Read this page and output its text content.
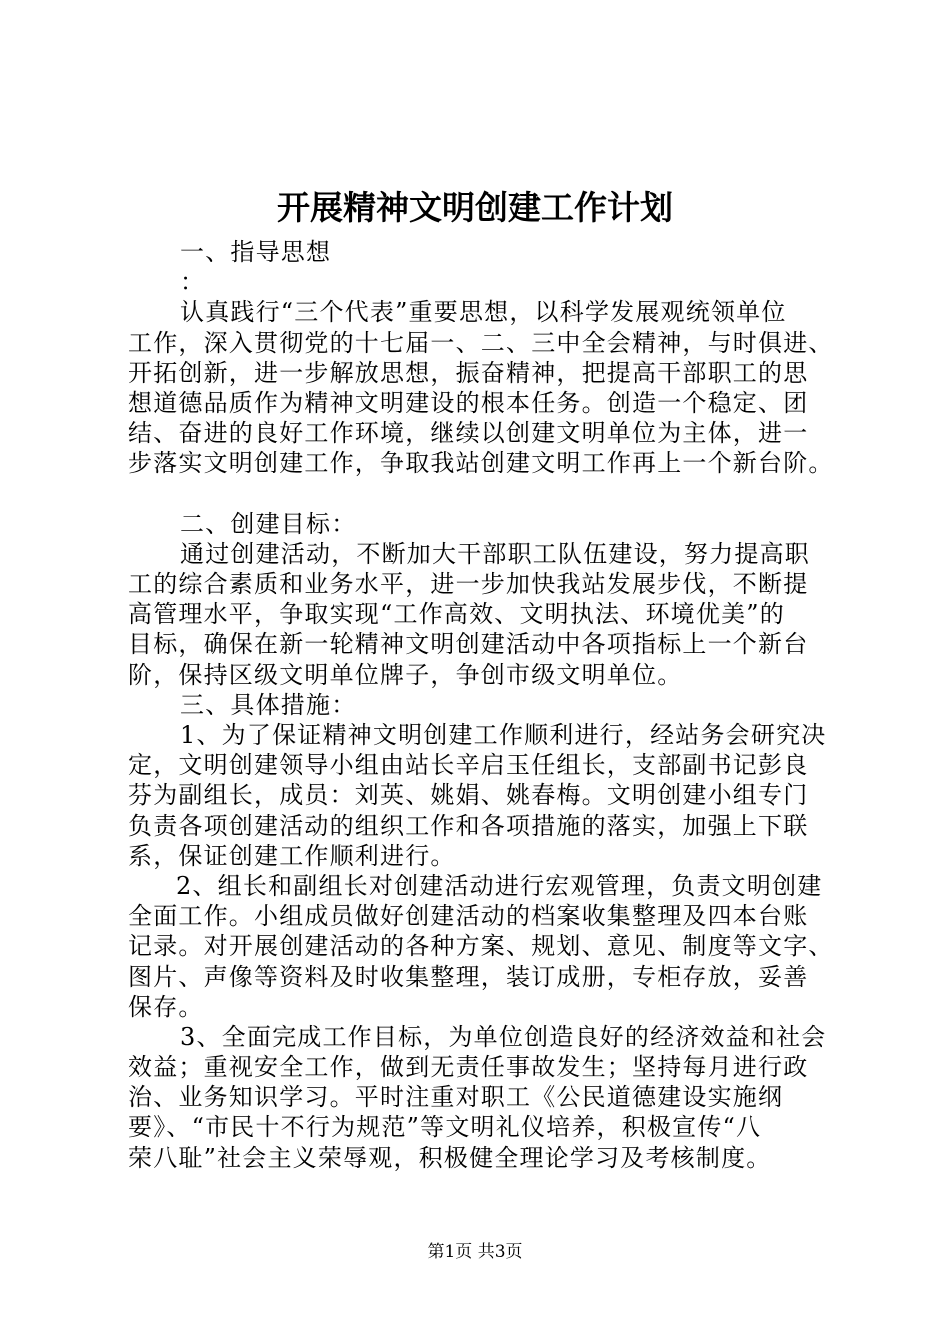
开展精神文明创建工作计划
一、指导思想
：
认真践行“三个代表”重要思想，以科学发展观统领单位
工作，深入贯彻党的十七届一、二、三中全会精神，与时俱进、
开拓创新，进一步解放思想，振奋精神，把提高干部职工的思
想道德品质作为精神文明建设的根本任务。创造一个稳定、团
结、奋进的良好工作环境，继续以创建文明单位为主体，进一
步落实文明创建工作，争取我站创建文明工作再上一个新台阶。
二、创建目标：
通过创建活动，不断加大干部职工队伍建设，努力提高职
工的综合素质和业务水平，进一步加快我站发展步伐，不断提
高管理水平，争取实现“工作高效、文明执法、环境优美”的
目标，确保在新一轮精神文明创建活动中各项指标上一个新台
阶，保持区级文明单位牌子，争创市级文明单位。
三、具体措施：
1、为了保证精神文明创建工作顺利进行，经站务会研究决
定，文明创建领导小组由站长辛启玉任组长，支部副书记彭良
芬为副组长，成员：刘英、姚娟、姚春梅。文明创建小组专门
负责各项创建活动的组织工作和各项措施的落实，加强上下联
系，保证创建工作顺利进行。
2、组长和副组长对创建活动进行宏观管理，负责文明创建
全面工作。小组成员做好创建活动的档案收集整理及四本台账
记录。对开展创建活动的各种方案、规划、意见、制度等文字、
图片、声像等资料及时收集整理，装订成册，专柜存放，妥善
保存。
3、全面完成工作目标，为单位创造良好的经济效益和社会
效益；重视安全工作，做到无责任事故发生；坚持每月进行政
治、业务知识学习。平时注重对职工《公民道德建设实施纲
要》、“市民十不行为规范”等文明礼仪培养，积极宣传“八
荣八耻”社会主义荣辱观，积极健全理论学习及考核制度。
第1页 共3页
